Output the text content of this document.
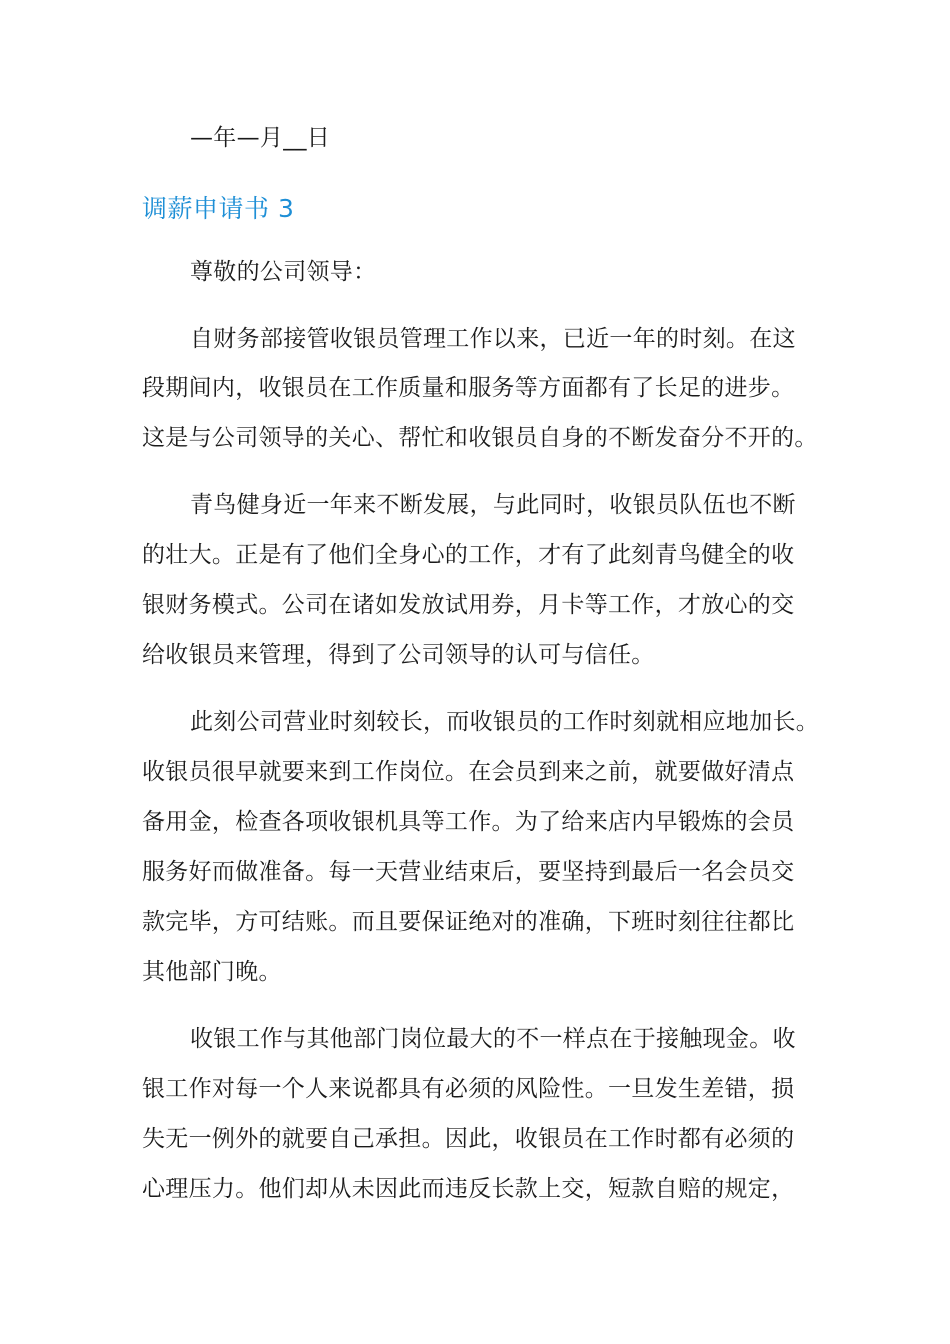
—年—月__日
调薪申请书 3
尊敬的公司领导：
自财务部接管收银员管理工作以来，已近一年的时刻。在这
段期间内，收银员在工作质量和服务等方面都有了长足的进步。
这是与公司领导的关心、帮忙和收银员自身的不断发奋分不开的。
青鸟健身近一年来不断发展，与此同时，收银员队伍也不断
的壮大。正是有了他们全身心的工作，才有了此刻青鸟健全的收
银财务模式。公司在诸如发放试用券，月卡等工作，才放心的交
给收银员来管理，得到了公司领导的认可与信任。
此刻公司营业时刻较长，而收银员的工作时刻就相应地加长。
收银员很早就要来到工作岗位。在会员到来之前，就要做好清点
备用金，检查各项收银机具等工作。为了给来店内早锻炼的会员
服务好而做准备。每一天营业结束后，要坚持到最后一名会员交
款完毕，方可结账。而且要保证绝对的准确，下班时刻往往都比
其他部门晚。
收银工作与其他部门岗位最大的不一样点在于接触现金。收
银工作对每一个人来说都具有必须的风险性。一旦发生差错，损
失无一例外的就要自己承担。因此，收银员在工作时都有必须的
心理压力。他们却从未因此而违反长款上交，短款自赔的规定，
